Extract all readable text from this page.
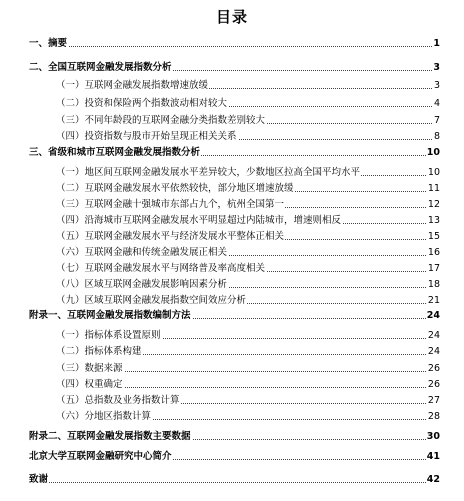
目录
一、摘要	1
二、全国互联网金融发展指数分析	3
（一）互联网金融发展指数增速放缓	3
（二）投资和保险两个指数波动相对较大	4
（三）不同年龄段的互联网金融分类指数差别较大	7
（四）投资指数与股市开始呈现正相关关系	8
三、省级和城市互联网金融发展指数分析	10
（一）地区间互联网金融发展水平差异较大，少数地区拉高全国平均水平	10
（二）互联网金融发展水平依然较快，部分地区增速放缓	11
（三）互联网金融十强城市东部占九个，杭州全国第一	12
（四）沿海城市互联网金融发展水平明显超过内陆城市，增速则相反	13
（五）互联网金融发展水平与经济发展水平整体正相关	15
（六）互联网金融和传统金融发展正相关	16
（七）互联网金融发展水平与网络普及率高度相关	17
（八）区域互联网金融发展影响因素分析	18
（九）区域互联网金融发展指数空间效应分析	21
附录一、互联网金融发展指数编制方法	24
（一）指标体系设置原则	24
（二）指标体系构建	24
（三）数据来源	26
（四）权重确定	26
（五）总指数及业务指数计算	27
（六）分地区指数计算	28
附录二、互联网金融发展指数主要数据	30
北京大学互联网金融研究中心简介	41
致谢	42
